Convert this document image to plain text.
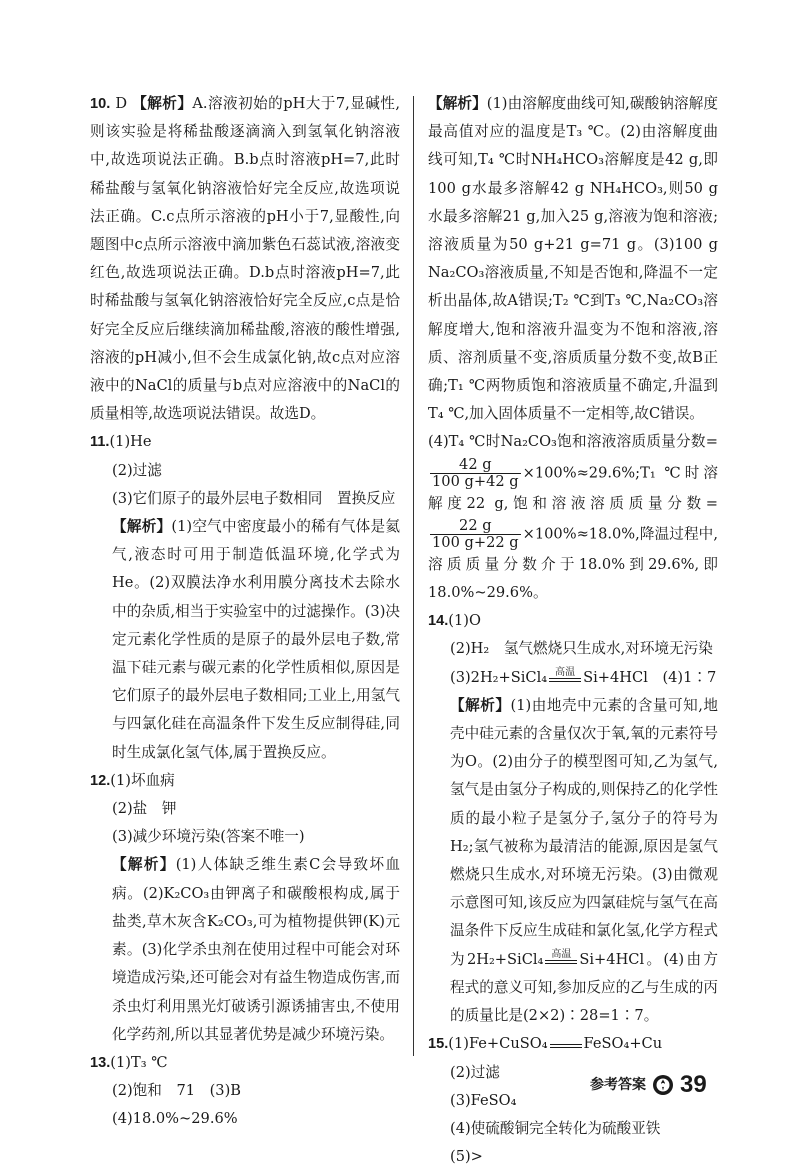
10. D 【解析】A.溶液初始的pH大于7,显碱性,则该实验是将稀盐酸逐滴滴入到氢氧化钠溶液中,故选项说法正确。B.b点时溶液pH=7,此时稀盐酸与氢氧化钠溶液恰好完全反应,故选项说法正确。C.c点所示溶液的pH小于7,显酸性,向题图中c点所示溶液中滴加紫色石蕊试液,溶液变红色,故选项说法正确。D.b点时溶液pH=7,此时稀盐酸与氢氧化钠溶液恰好完全反应,c点是恰好完全反应后继续滴加稀盐酸,溶液的酸性增强,溶液的pH减小,但不会生成氯化钠,故c点对应溶液中的NaCl的质量与b点对应溶液中的NaCl的质量相等,故选项说法错误。故选D。

11.(1)He

(2)过滤

(3)它们原子的最外层电子数相同　置换反应

【解析】(1)空气中密度最小的稀有气体是氦气,液态时可用于制造低温环境,化学式为He。(2)双膜法净水利用膜分离技术去除水中的杂质,相当于实验室中的过滤操作。(3)决定元素化学性质的是原子的最外层电子数,常温下硅元素与碳元素的化学性质相似,原因是它们原子的最外层电子数相同;工业上,用氢气与四氯化硅在高温条件下发生反应制得硅,同时生成氯化氢气体,属于置换反应。

12.(1)坏血病

(2)盐　钾

(3)减少环境污染(答案不唯一)

【解析】(1)人体缺乏维生素C会导致坏血病。(2)K₂CO₃由钾离子和碳酸根构成,属于盐类,草木灰含K₂CO₃,可为植物提供钾(K)元素。(3)化学杀虫剂在使用过程中可能会对环境造成污染,还可能会对有益生物造成伤害,而杀虫灯利用黑光灯破诱引源诱捕害虫,不使用化学药剂,所以其显著优势是减少环境污染。

13.(1)T₃ ℃

(2)饱和　71　(3)B

(4)18.0%~29.6%

【解析】(1)由溶解度曲线可知,碳酸钠溶解度最高值对应的温度是T₃ ℃。(2)由溶解度曲线可知,T₄ ℃时NH₄HCO₃溶解度是42 g,即100 g水最多溶解42 g NH₄HCO₃,则50 g水最多溶解21 g,加入25 g,溶液为饱和溶液;溶液质量为50 g+21 g=71 g。(3)100 g Na₂CO₃溶液质量,不知是否饱和,降温不一定析出晶体,故A错误;T₂ ℃到T₃ ℃,Na₂CO₃溶解度增大,饱和溶液升温变为不饱和溶液,溶质、溶剂质量不变,溶质质量分数不变,故B正确;T₁ ℃两物质饱和溶液质量不确定,升温到T₄ ℃,加入固体质量不一定相等,故C错误。

(4)T₄ ℃时Na₂CO₃饱和溶液溶质质量分数=
$\frac{42 g}{100 g+42 g}$ ×100%≈29.6%;T₁ ℃时溶解度22 g,饱和溶液溶质质量分数=
$\frac{22 g}{100 g+22 g} \times 100\%\approx 18.0\%$,降温过程中,溶质质量分数介于18.0%到29.6%,即18.0%~29.6%。

14.(1)O

(2)H₂　氢气燃烧只生成水,对环境无污染

(3)2H₂+SiCl₄ 高温 Si+4HCl　(4)1∶7

【解析】(1)由地壳中元素的含量可知,地壳中硅元素的含量仅次于氧,氧的元素符号为O。(2)由分子的模型图可知,乙为氢气,氢气是由氢分子构成的,则保持乙的化学性质的最小粒子是氢分子,氢分子的符号为H₂;氢气被称为最清洁的能源,原因是氢气燃烧只生成水,对环境无污染。(3)由微观示意图可知,该反应为四氯硅烷与氢气在高温条件下反应生成硅和氯化氢,化学方程式为2H₂+SiCl₄ 高温 Si+4HCl。(4)由方程式的意义可知,参加反应的乙与生成的丙的质量比是(2×2)∶28=1∶7。

15.(1)Fe+CuSO₄
FeSO₄+Cu

(2)过滤

(3)FeSO₄

(4)使硫酸铜完全转化为硫酸亚铁

(5)>

参考答案 39
